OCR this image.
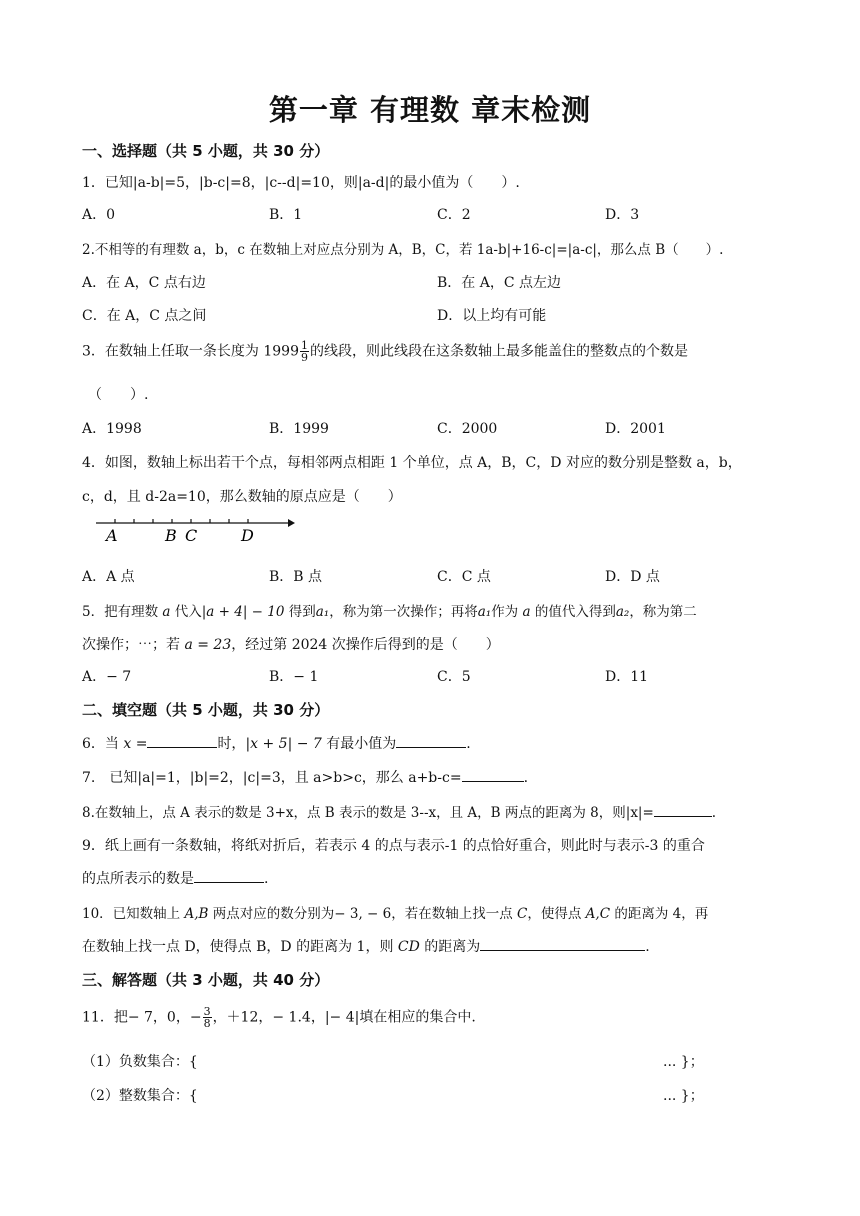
第一章 有理数 章末检测
一、选择题（共 5 小题，共 30 分）
1．已知|a-b|=5，|b-c|=8，|c--d|=10，则|a-d|的最小值为（　　）.
A．0	B．1	C．2	D．3
2.不相等的有理数 a，b，c 在数轴上对应点分别为 A，B，C，若 1a-b|+16-c|=|a-c|，那么点 B（　　）.
A．在 A，C 点右边	B．在 A，C 点左边
C．在 A，C 点之间	D．以上均有可能
3．在数轴上任取一条长度为 $1999 \frac{1}{9}$ 的线段，则此线段在这条数轴上最多能盖住的整数点的个数是
（　　）.
A．1998	B．1999	C．2000	D．2001
4．如图，数轴上标出若干个点，每相邻两点相距 1 个单位，点 A，B，C，D 对应的数分别是整数 a，b，
c，d，且 d-2a=10，那么数轴的原点应是（　　）
A	B C	D
A．A 点	B．B 点	C．C 点	D．D 点
5．把有理数 a 代入|a + 4| − 10 得到a₁，称为第一次操作；再将a₁作为 a 的值代入得到a₂，称为第二
次操作；⋯；若 a = 23，经过第 2024 次操作后得到的是（　　）
A．− 7	B．− 1	C．5	D．11
二、填空题（共 5 小题，共 30 分）
6．当 x =	时，|x + 5| − 7 有最小值为	.
7.　已知|a|=1，|b|=2，|c|=3，且 a>b>c，那么 a+b-c=	.
8.在数轴上，点 A 表示的数是 3+x，点 B 表示的数是 3--x，且 A，B 两点的距离为 8，则|x|=	.
9．纸上画有一条数轴，将纸对折后，若表示 4 的点与表示-1 的点恰好重合，则此时与表示-3 的重合
的点所表示的数是	.
10．已知数轴上 A,B 两点对应的数分别为− 3, − 6，若在数轴上找一点 C，使得点 A,C 的距离为 4，再
在数轴上找一点 D，使得点 B，D 的距离为 1，则 CD 的距离为	.
三、解答题（共 3 小题，共 40 分）
11．把− 7，0，− $\frac{3}{8}$ ，＋12，− 1.4，|− 4|填在相应的集合中.
（1）负数集合：{	... }；
（2）整数集合：{	... }；
